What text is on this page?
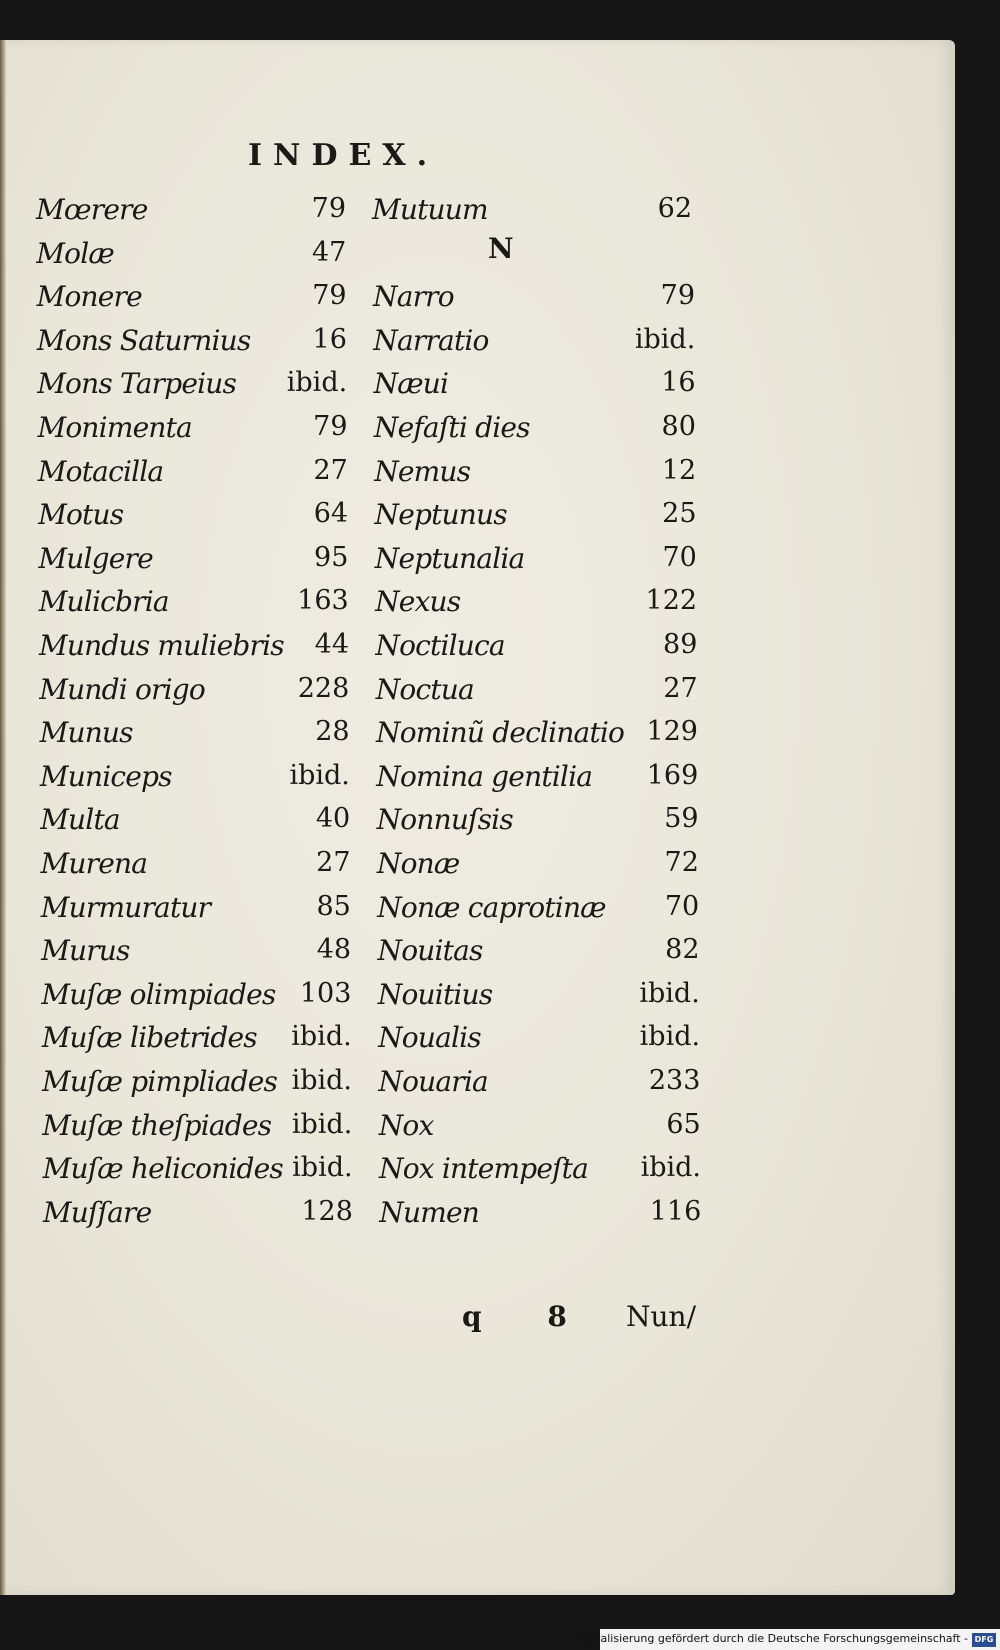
INDEX.
N
q 8 Nun/
Digitalisierung gefördert durch die Deutsche Forschungsgemeinschaft - DFG
Mœrere	79
Molæ	47
Monere	79
Mons Saturnius 16
Mons Tarpeius ibid.
Monimenta	79
Motacilla	27
Motus	64
Mulgere	95
Mulicbria	163
Mundus muliebris 44
Mundi origo	228
Munus	28
Municeps	ibid.
Multa	40
Murena	27
Murmuratur	85
Murus	48
Muſæ olimpiades 103
Muſæ libetrides ibid.
Muſæ pimpliades ibid.
Muſæ theſpiades ibid.
Muſæ heliconides ibid.
Muſſare	128
Mutuum	62
Narro	79
Narratio	ibid.
Næui	16
Nefaſti dies	80
Nemus	12
Neptunus	25
Neptunalia	70
Nexus	122
Noctiluca	89
Noctua	27
Nominũ declinatio 129
Nomina gentilia 169
Nonnuſsis	59
Nonæ	72
Nonæ caprotinæ 70
Nouitas	82
Nouitius	ibid.
Noualis	ibid.
Nouaria	233
Nox	65
Nox intempeſta ibid.
Numen	116
